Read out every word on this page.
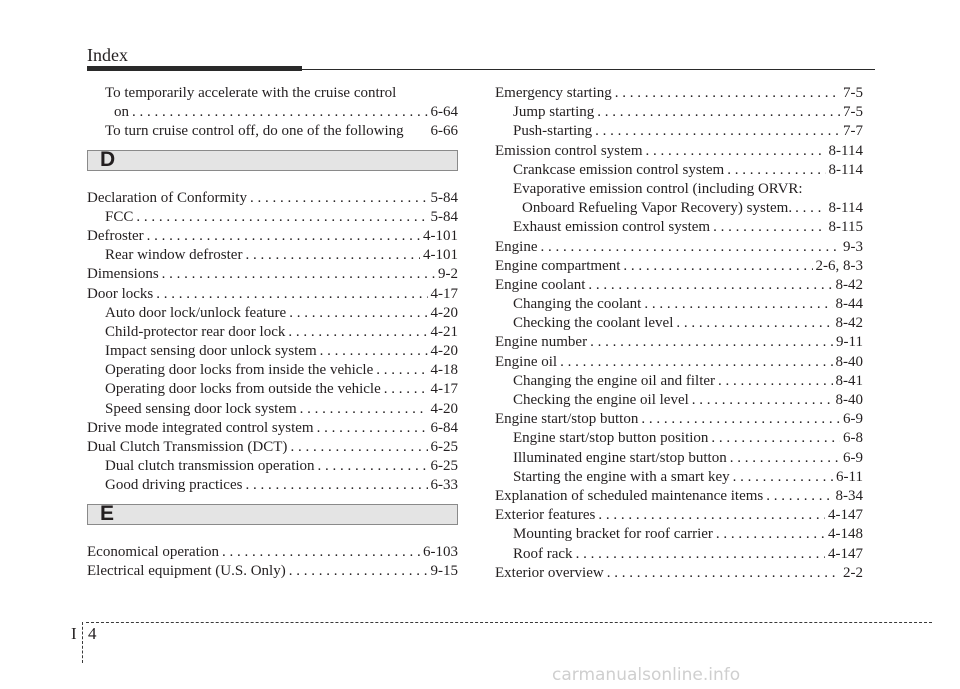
Index
To temporarily accelerate with the cruise control
on . . .	6-64
To turn cruise control off, do one of the following	6-66
D
Declaration of Conformity . . .	5-84
FCC . . .	5-84
Defroster . . .	4-101
Rear window defroster . . .	4-101
Dimensions . . .	9-2
Door locks . . .	4-17
Auto door lock/unlock feature . . .	4-20
Child-protector rear door lock . . .	4-21
Impact sensing door unlock system . . .	4-20
Operating door locks from inside the vehicle . . .	4-18
Operating door locks from outside the vehicle . . .	4-17
Speed sensing door lock system . . .	4-20
Drive mode integrated control system . . .	6-84
Dual Clutch Transmission (DCT) . . .	6-25
Dual clutch transmission operation . . .	6-25
Good driving practices . . .	6-33
E
Economical operation . . .	6-103
Electrical equipment (U.S. Only) . . .	9-15
Emergency starting . . .	7-5
Jump starting . . .	7-5
Push-starting . . .	7-7
Emission control system . . .	8-114
Crankcase emission control system . . .	8-114
Evaporative emission control (including ORVR:
Onboard Refueling Vapor Recovery) system. . . . 8-114
Exhaust emission control system . . .	8-115
Engine . . .	9-3
Engine compartment . . .	2-6, 8-3
Engine coolant . . .	8-42
Changing the coolant . . .	8-44
Checking the coolant level . . .	8-42
Engine number . . .	9-11
Engine oil . . .	8-40
Changing the engine oil and filter . . .	8-41
Checking the engine oil level . . .	8-40
Engine start/stop button . . .	6-9
Engine start/stop button position . . .	6-8
Illuminated engine start/stop button . . .	6-9
Starting the engine with a smart key . . .	6-11
Explanation of scheduled maintenance items . . .	8-34
Exterior features . . .	4-147
Mounting bracket for roof carrier . . .	4-148
Roof rack . . .	4-147
Exterior overview . . .	2-2
I 4
carmanualsonline.info
